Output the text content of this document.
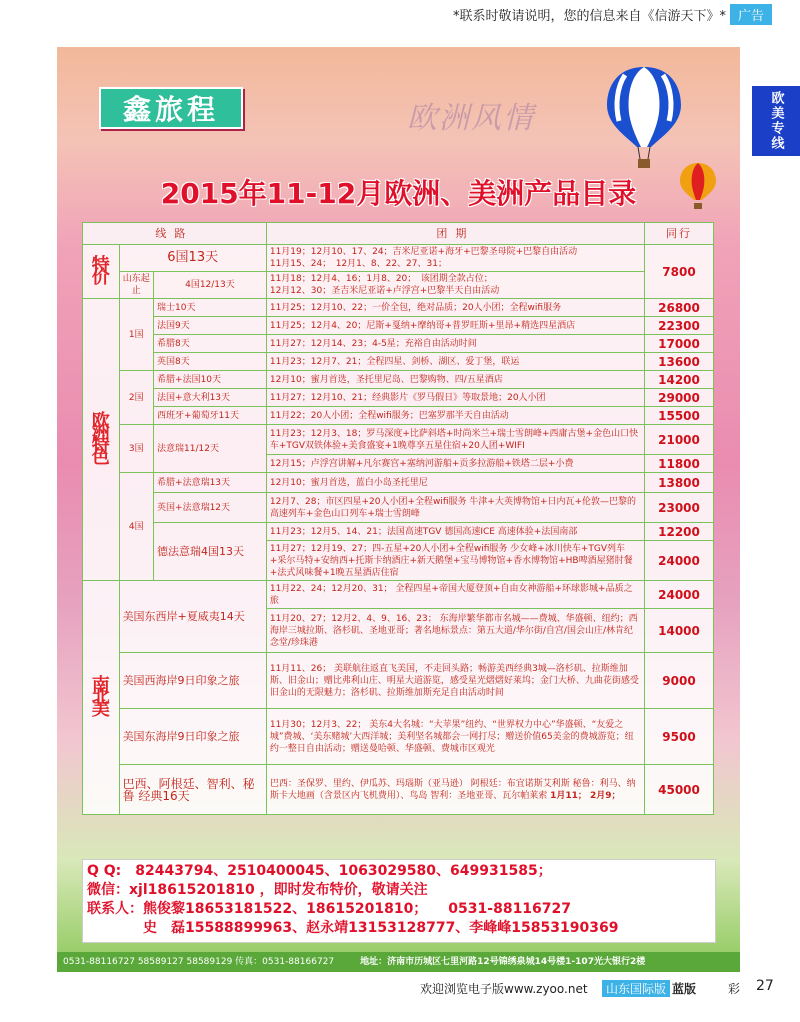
*联系时敬请说明，您的信息来自《信游天下》* 广告
欧美专线
鑫旅程	欧洲风情
2015年11-12月欧洲、美洲产品目录
线路			团期	同行
特价	6国13天		11月19；12月10、17、24；吉米尼亚诺+海牙+巴黎圣母院+巴黎自由活动
11月15、24；　12月1、8、22、27、31；	7800
	山东起止	4国12/13天	11月18；12月4、16；1月8、20；　该团期全款占位；
12月12、30；圣吉米尼亚诺+卢浮宫+巴黎半天自由活动	

欧洲特色	1国	瑞士10天	11月25；12月10、22；一价全包，绝对品质；20人小团；全程wifi服务	26800
		法国9天	11月25；12月4、20；尼斯+戛纳+摩纳哥+普罗旺斯+里昂+精选四星酒店	22300
		希腊8天	11月27；12月14、23；4-5星；充裕自由活动时间	17000
		英国8天	11月23；12月7、21；全程四星、剑桥、湖区、爱丁堡，联运	13600
	2国	希腊+法国10天	12月10；蜜月首选，圣托里尼岛、巴黎购物、四/五星酒店	14200
		法国+意大利13天	11月27；12月10、21；经典影片《罗马假日》等取景地；20人小团	29000
		西班牙+葡萄牙11天	11月22；20人小团；全程wifi服务；巴塞罗那半天自由活动	15500
	3国	法意瑞11/12天	11月23；12月3、18；罗马深度+比萨斜塔+时尚米兰+瑞士雪朗峰+西庸古堡+金色山口快车+TGV双铁体验+美食盛宴+1晚尊享五星住宿+20人团+WIFI	21000
			12月15；卢浮宫讲解+凡尔赛宫+塞纳河游船+贡多拉游船+铁塔二层+小费	11800
	4国	希腊+法意瑞13天	12月10；蜜月首选，蓝白小岛圣托里尼	13800
		英国+法意瑞12天	12月7、28；市区四星+20人小团+全程wifi服务 牛津+大英博物馆+日内瓦+伦敦—巴黎的高速列车+金色山口列车+瑞士雪朗峰	23000
		德法意瑞4国13天	11月23；12月5、14、21；法国高速TGV 德国高速ICE 高速体验+法国南部	12200
			11月27；12月19、27；四-五星+20人小团+全程wifi服务 少女峰+冰川快车+TGV列车+采尔马特+安纳西+托斯卡纳酒庄+新天鹅堡+宝马博物馆+香水博物馆+HB啤酒屋猪肘餐+法式风味餐+1晚五星酒店住宿	24000
南北美	美国东西岸+夏威夷14天		11月22、24；12月20、31； 全程四星+帝国大厦登顶+自由女神游船+环球影城+品质之旅	24000
			11月20、27；12月2、4、9、16、23； 东海岸繁华都市名城——费城、华盛顿、纽约；西海岸三城拉斯、洛杉矶、圣地亚哥；著名地标景点：第五大道/华尔街/自宫/国会山庄/林肯纪念堂/珍珠港	14000
	美国西海岸9日印象之旅		11月11、26； 美联航往返直飞美国，不走回头路；畅游美西经典3城—洛杉矶、拉斯维加斯、旧金山；赠比弗利山庄、明星大道游览，感受星光熠熠好莱坞；金门大桥、九曲花街感受旧金山的无限魅力；洛杉矶、拉斯维加斯充足自由活动时间	9000
	美国东海岸9日印象之旅		11月30；12月3、22； 美东4大名城：“大苹果”纽约、“世界权力中心”华盛顿、“友爱之城”费城、‘美东赌城’大西洋城；美利坚名城都会一网打尽；赠送价值65美金的费城游览；纽约一整日自由活动；赠送曼哈顿、华盛顿、费城市区观光	9500
	巴西、阿根廷、智利、秘鲁 经典16天		巴西：圣保罗、里约、伊瓜苏、玛瑙斯（亚马逊） 阿根廷：布宜诺斯艾利斯 秘鲁：利马、纳斯卡大地画（含景区内飞机费用）、鸟岛 智利：圣地亚哥、瓦尔帕莱索 1月11； 2月9；	45000
Q Q:　82443794、2510400045、1063029580、649931585；
微信：xjl18615201810 ，即时发布特价，敬请关注
联系人：熊俊黎18653181522、18615201810；　　0531-88116727
　　　　史　磊15588899963、赵永靖13153128777、李峰峰15853190369
0531-88116727 58589127 58589129 传真：0531-88166727	地址：济南市历城区七里河路12号锦绣泉城14号楼1-107光大银行2楼
欢迎浏览电子版www.zyoo.net	山东国际版 蓝版	彩 27
